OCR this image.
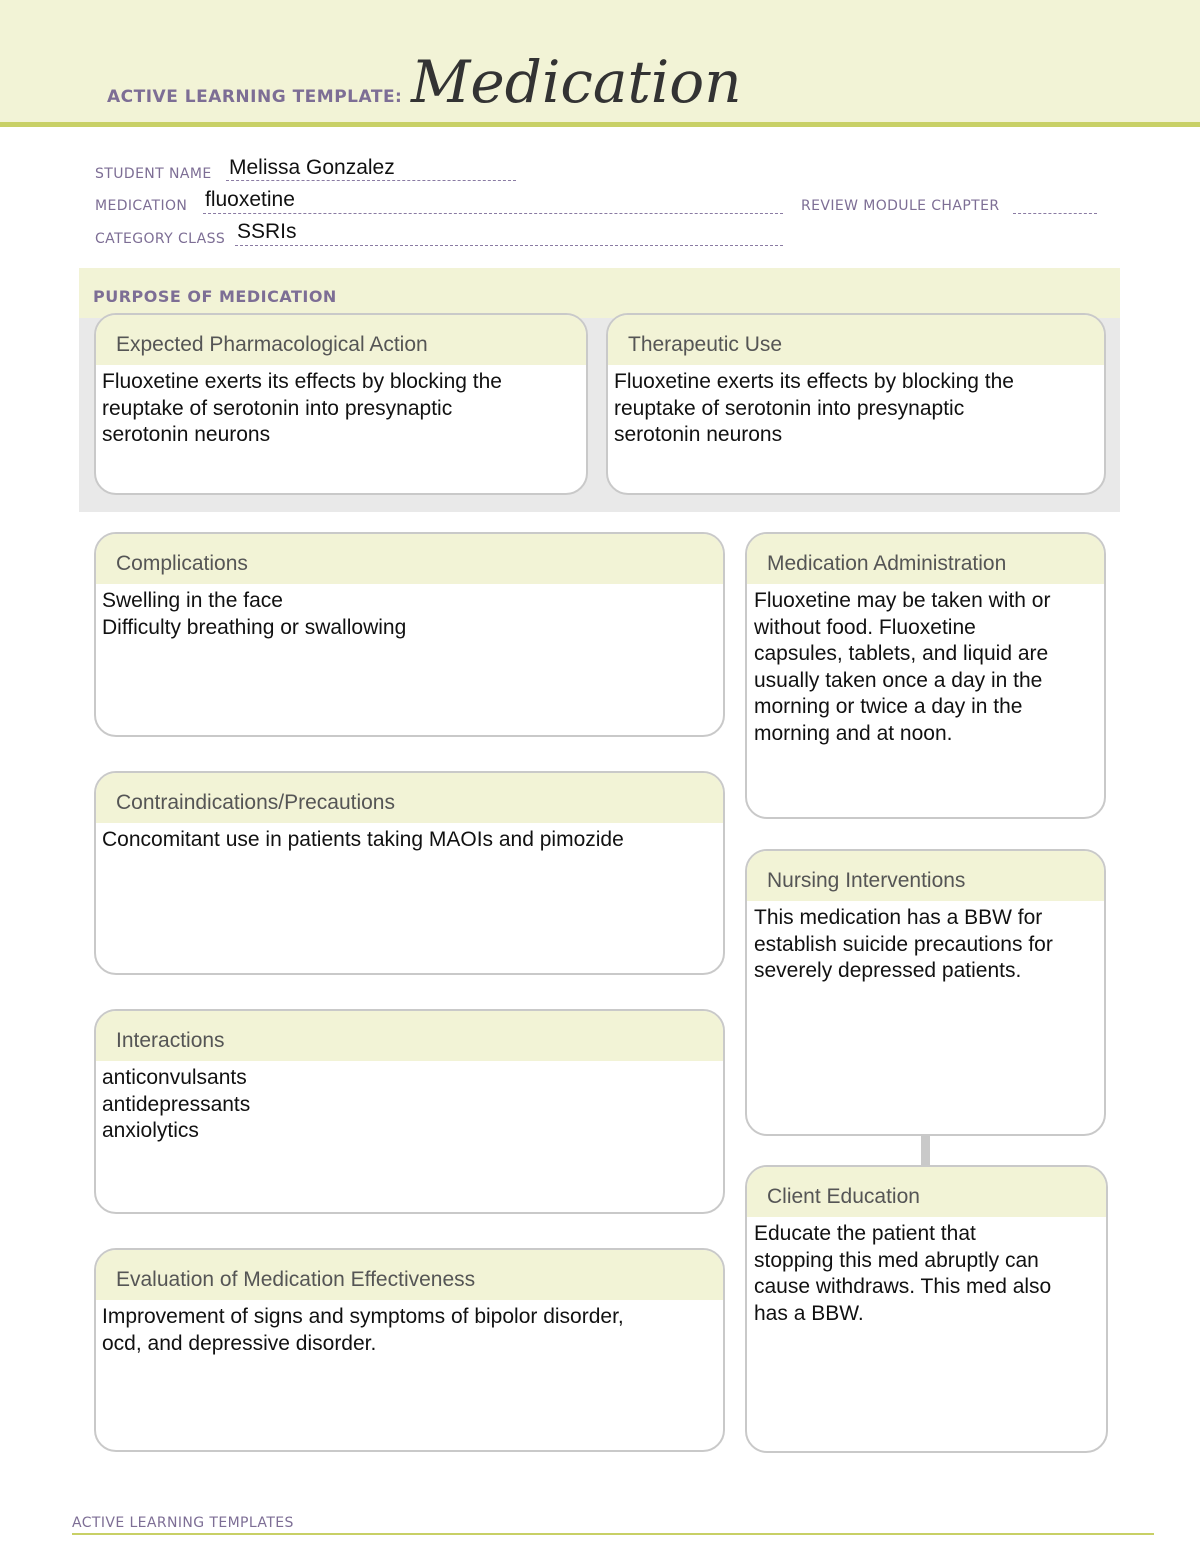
ACTIVE LEARNING TEMPLATE: Medication
STUDENT NAME Melissa Gonzalez
MEDICATION fluoxetine	REVIEW MODULE CHAPTER
CATEGORY CLASS SSRIs
PURPOSE OF MEDICATION
Expected Pharmacological Action
Fluoxetine exerts its effects by blocking the
reuptake of serotonin into presynaptic
serotonin neurons
Therapeutic Use
Fluoxetine exerts its effects by blocking the
reuptake of serotonin into presynaptic
serotonin neurons
Complications
Swelling in the face
Difficulty breathing or swallowing
Contraindications/Precautions
Concomitant use in patients taking MAOIs and pimozide
Interactions
anticonvulsants
antidepressants
anxiolytics
Evaluation of Medication Effectiveness
Improvement of signs and symptoms of bipolor disorder,
ocd, and depressive disorder.
Medication Administration
Fluoxetine may be taken with or
without food. Fluoxetine
capsules, tablets, and liquid are
usually taken once a day in the
morning or twice a day in the
morning and at noon.
Nursing Interventions
This medication has a BBW for
establish suicide precautions for
severely depressed patients.
Client Education
Educate the patient that
stopping this med abruptly can
cause withdraws. This med also
has a BBW.
ACTIVE LEARNING TEMPLATES
